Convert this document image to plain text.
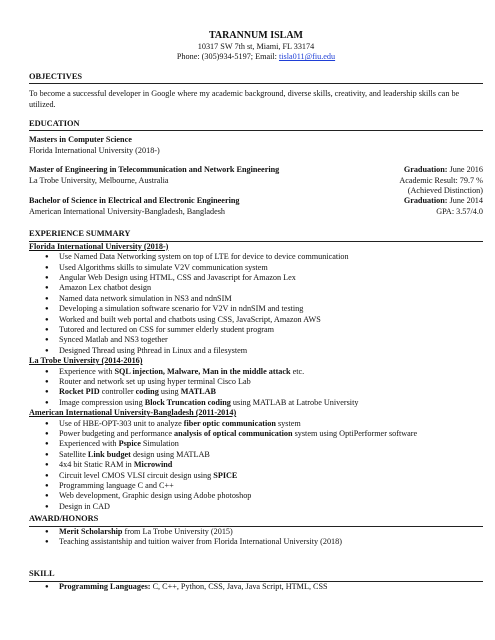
TARANNUM ISLAM
10317 SW 7th st, Miami, FL 33174
Phone: (305)934-5197; Email: tisla011@fiu.edu
OBJECTIVES
To become a successful developer in Google where my academic background, diverse skills, creativity, and leadership skills can be utilized.
EDUCATION
Masters in Computer Science
Florida International University (2018-)
Master of Engineering in Telecommunication and Network Engineering	Graduation: June 2016
La Trobe University, Melbourne, Australia	Academic Result: 79.7 %
(Achieved Distinction)
Bachelor of Science in Electrical and Electronic Engineering	Graduation: June 2014
American International University-Bangladesh, Bangladesh	GPA: 3.57/4.0
EXPERIENCE SUMMARY
Florida International University (2018-)
● Use Named Data Networking system on top of LTE for device to device communication
● Used Algorithms skills to simulate V2V communication system
● Angular Web Design using HTML, CSS and Javascript for Amazon Lex
● Amazon Lex chatbot design
● Named data network simulation in NS3 and ndnSIM
● Developing a simulation software scenario for V2V in ndnSIM and testing
● Worked and built web portal and chatbots using CSS, JavaScript, Amazon AWS
● Tutored and lectured on CSS for summer elderly student program
● Synced Matlab and NS3 together
● Designed Thread using Pthread in Linux and a filesystem
La Trobe University (2014-2016)
● Experience with SQL injection, Malware, Man in the middle attack etc.
● Router and network set up using hyper terminal Cisco Lab
● Rocket PID controller coding using MATLAB
● Image compression using Block Truncation coding using MATLAB at Latrobe University
American International University-Bangladesh (2011-2014)
● Use of HBE-OPT-303 unit to analyze fiber optic communication system
● Power budgeting and performance analysis of optical communication system using OptiPerformer software
● Experienced with Pspice Simulation
● Satellite Link budget design using MATLAB
● 4x4 bit Static RAM in Microwind
● Circuit level CMOS VLSI circuit design using SPICE
● Programming language C and C++
● Web development, Graphic design using Adobe photoshop
● Design in CAD
AWARD/HONORS
● Merit Scholarship from La Trobe University (2015)
● Teaching assistantship and tuition waiver from Florida International University (2018)
SKILL
● Programming Languages: C, C++, Python, CSS, Java, Java Script, HTML, CSS
